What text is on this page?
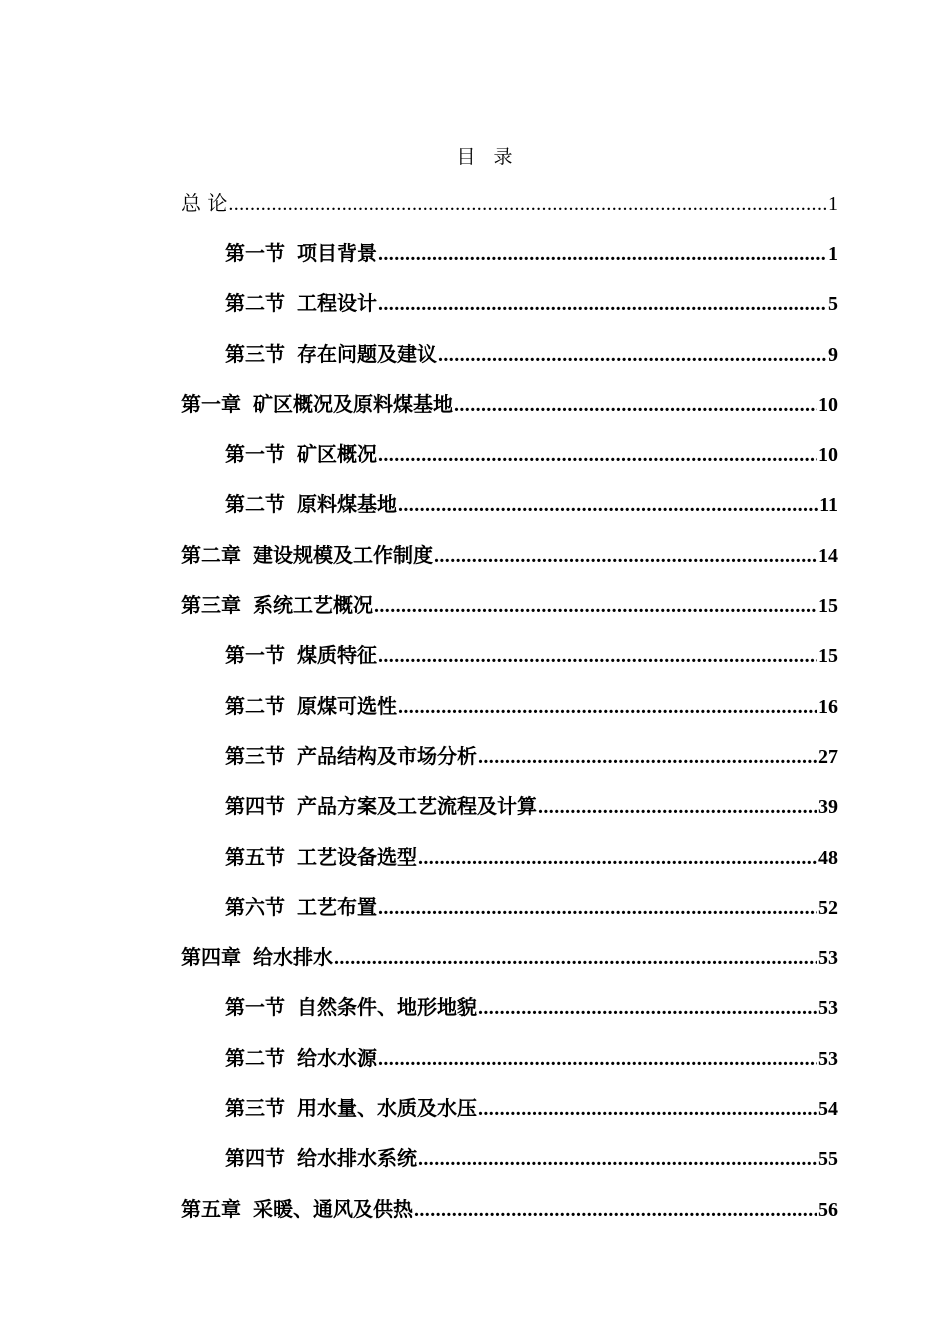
目 录
总 论 .....	1
第一节 项目背景 .....	1
第二节 工程设计 .....	5
第三节 存在问题及建议 .....	9
第一章 矿区概况及原料煤基地 .....	10
第一节 矿区概况 .....	10
第二节 原料煤基地 .....	11
第二章 建设规模及工作制度 .....	14
第三章 系统工艺概况 .....	15
第一节 煤质特征 .....	15
第二节 原煤可选性 .....	16
第三节 产品结构及市场分析 .....	27
第四节 产品方案及工艺流程及计算 .....	39
第五节 工艺设备选型 .....	48
第六节 工艺布置 .....	52
第四章 给水排水 .....	53
第一节 自然条件、地形地貌 .....	53
第二节 给水水源 .....	53
第三节 用水量、水质及水压 .....	54
第四节 给水排水系统 .....	55
第五章 采暖、通风及供热 .....	56
